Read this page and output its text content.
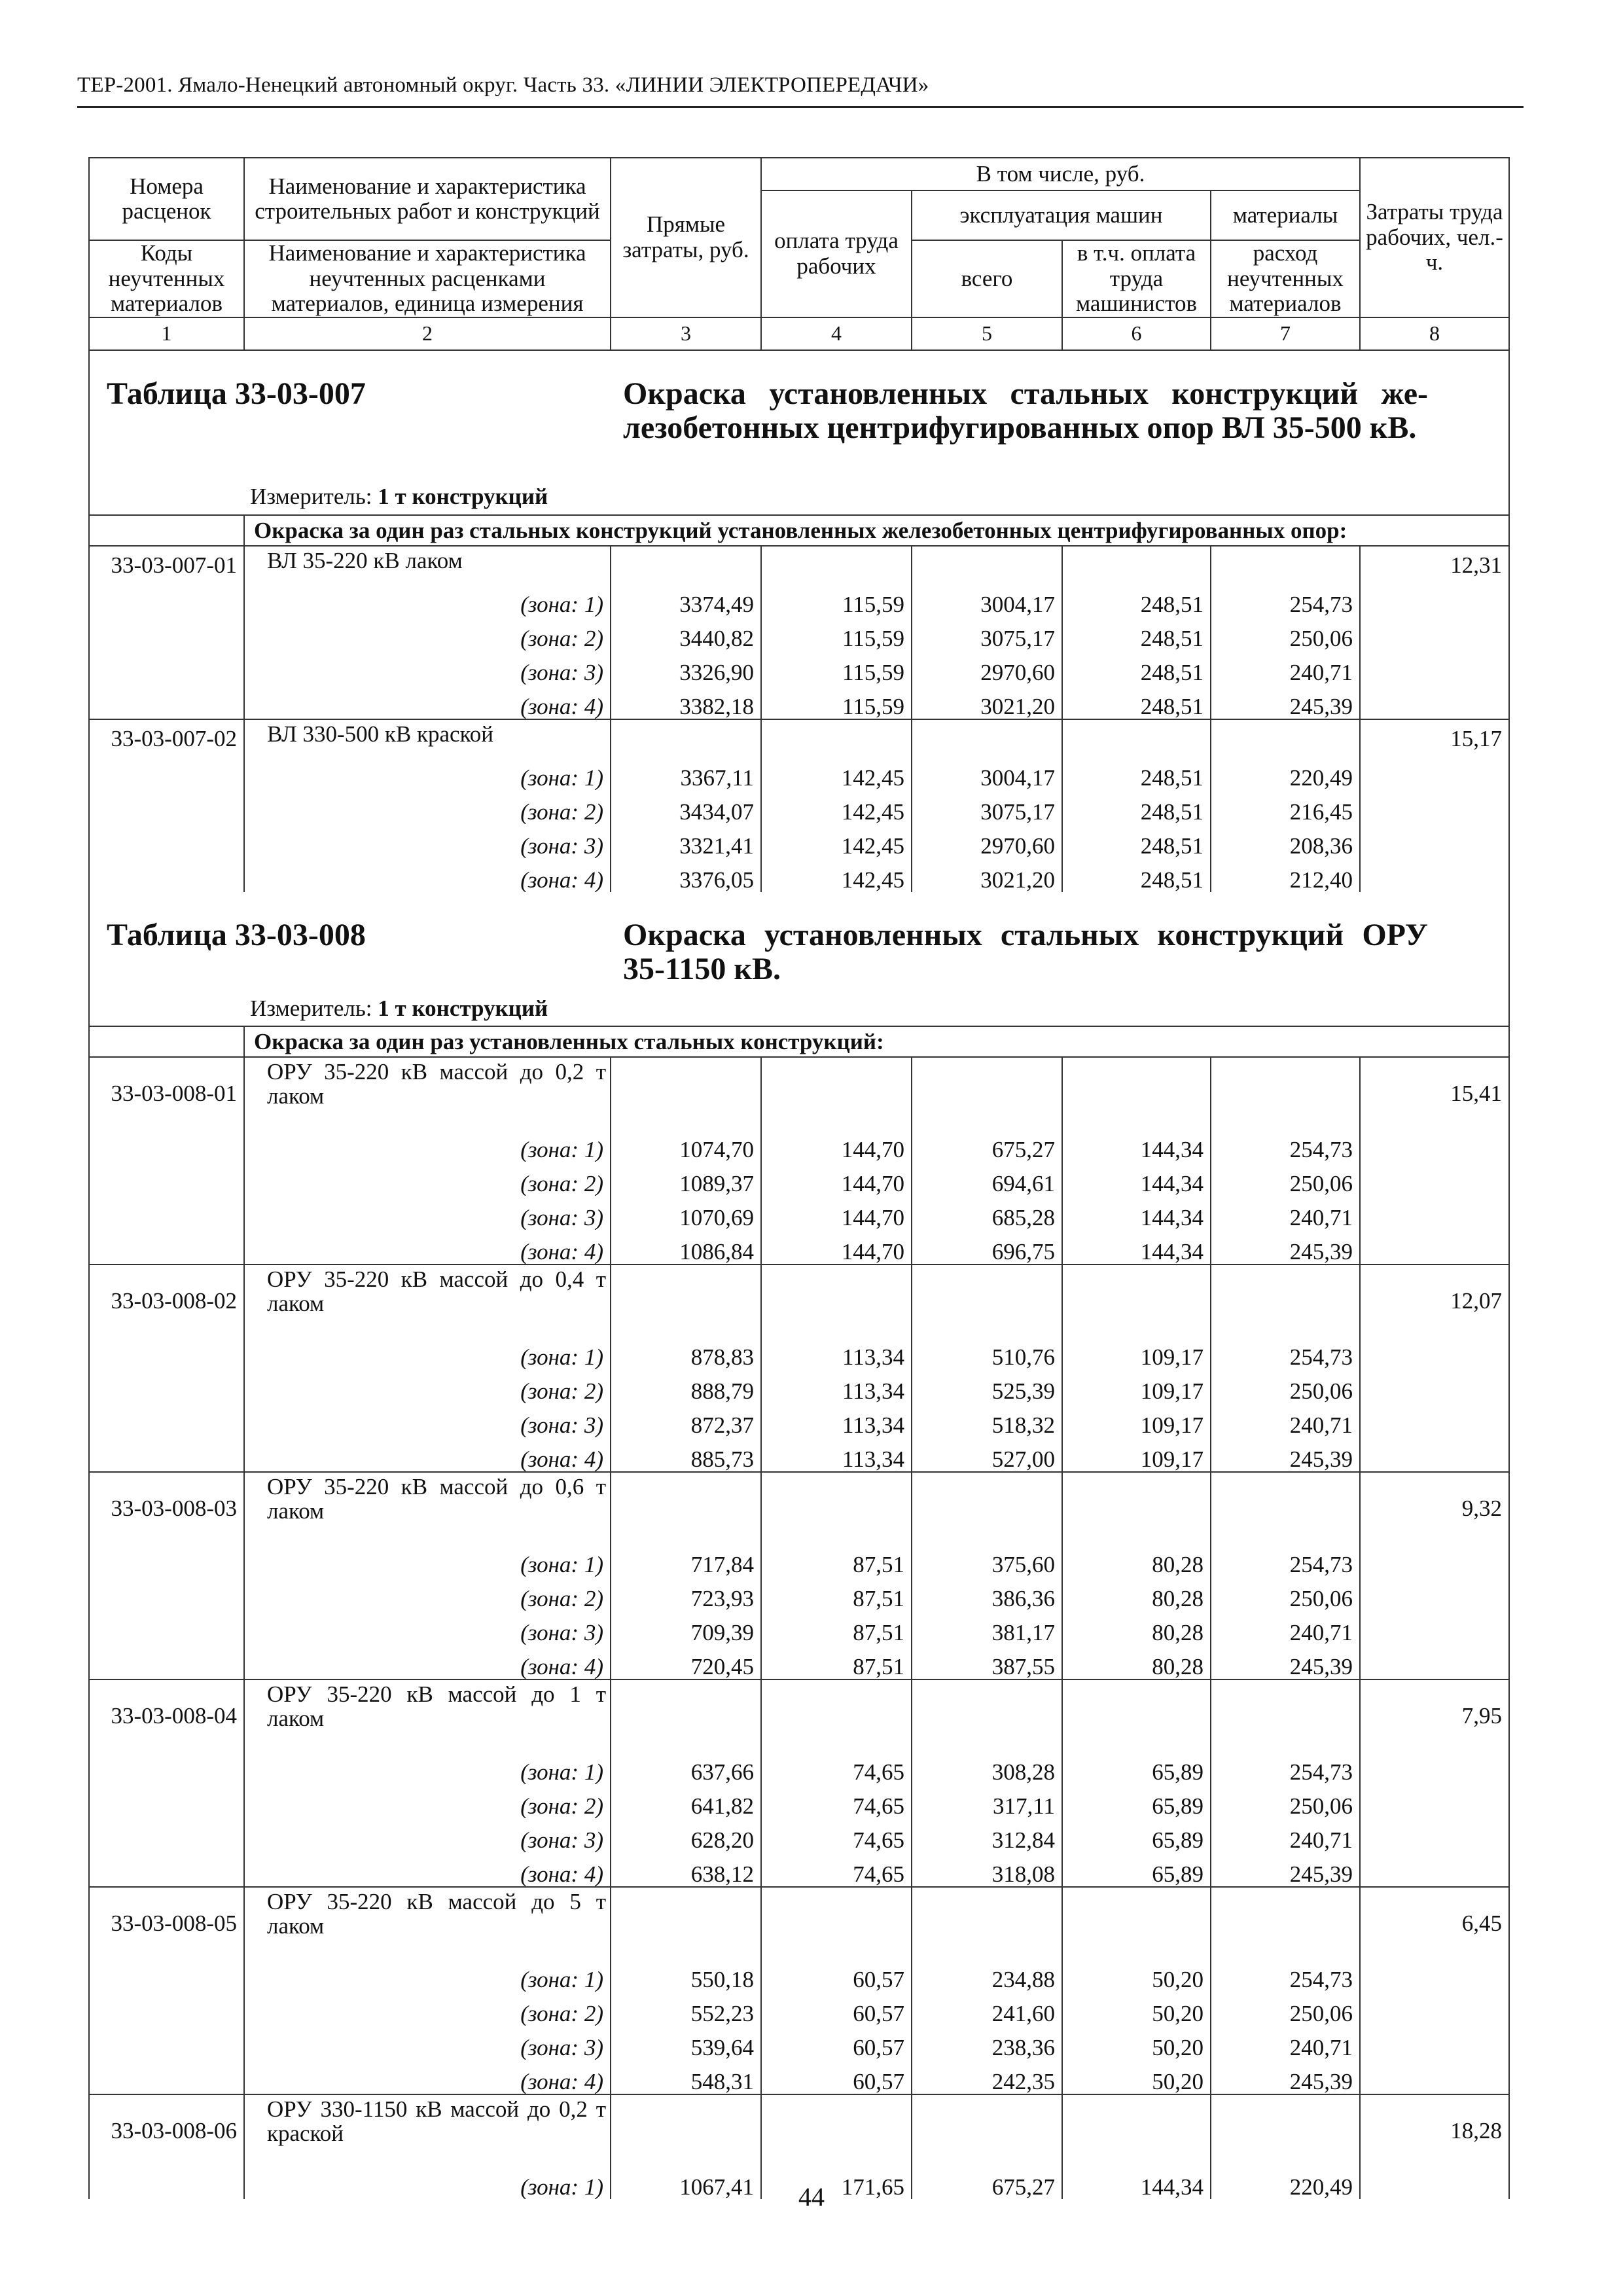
ТЕР-2001. Ямало-Ненецкий автономный округ. Часть 33. «ЛИНИИ ЭЛЕКТРОПЕРЕДАЧИ»
Номера расценок	Наименование и характеристика строительных работ и конструкций	Прямые затраты, руб.	В том числе, руб.				Затраты труда рабочих, чел.-ч.
			оплата труда рабочих	эксплуатация машин		материалы	
Коды неучтенных материалов	Наименование и характеристика неучтенных расценками материалов, единица измерения			всего	в т.ч. оплата труда машинистов	расход неучтенных материалов	
1	2	3	4	5	6	7	8

Таблица 33-03-007 Окраска установленных стальных конструкций же-лезобетонных центрифугированных опор ВЛ 35-500 кВ.
Измеритель: 1 т конструкций							

	Окраска за один раз стальных конструкций установленных железобетонных центрифугированных опор:						
33-03-007-01	ВЛ 35-220 кВ лаком						12,31
	(зона: 1)	3374,49	115,59	3004,17	248,51	254,73	
	(зона: 2)	3440,82	115,59	3075,17	248,51	250,06	
	(зона: 3)	3326,90	115,59	2970,60	248,51	240,71	
	(зона: 4)	3382,18	115,59	3021,20	248,51	245,39	
33-03-007-02	ВЛ 330-500 кВ краской						15,17
	(зона: 1)	3367,11	142,45	3004,17	248,51	220,49	
	(зона: 2)	3434,07	142,45	3075,17	248,51	216,45	
	(зона: 3)	3321,41	142,45	2970,60	248,51	208,36	
	(зона: 4)	3376,05	142,45	3021,20	248,51	212,40	

Таблица 33-03-008 Окраска установленных стальных конструкций ОРУ 35-1150 кВ.
Измеритель: 1 т конструкций							

	Окраска за один раз установленных стальных конструкций:						
33-03-008-01	ОРУ 35-220 кВ массой до 0,2 т лаком						15,41
	(зона: 1)	1074,70	144,70	675,27	144,34	254,73	
	(зона: 2)	1089,37	144,70	694,61	144,34	250,06	
	(зона: 3)	1070,69	144,70	685,28	144,34	240,71	
	(зона: 4)	1086,84	144,70	696,75	144,34	245,39	
33-03-008-02	ОРУ 35-220 кВ массой до 0,4 т лаком						12,07
	(зона: 1)	878,83	113,34	510,76	109,17	254,73	
	(зона: 2)	888,79	113,34	525,39	109,17	250,06	
	(зона: 3)	872,37	113,34	518,32	109,17	240,71	
	(зона: 4)	885,73	113,34	527,00	109,17	245,39	
33-03-008-03	ОРУ 35-220 кВ массой до 0,6 т лаком						9,32
	(зона: 1)	717,84	87,51	375,60	80,28	254,73	
	(зона: 2)	723,93	87,51	386,36	80,28	250,06	
	(зона: 3)	709,39	87,51	381,17	80,28	240,71	
	(зона: 4)	720,45	87,51	387,55	80,28	245,39	
33-03-008-04	ОРУ 35-220 кВ массой до 1 т лаком						7,95
	(зона: 1)	637,66	74,65	308,28	65,89	254,73	
	(зона: 2)	641,82	74,65	317,11	65,89	250,06	
	(зона: 3)	628,20	74,65	312,84	65,89	240,71	
	(зона: 4)	638,12	74,65	318,08	65,89	245,39	
33-03-008-05	ОРУ 35-220 кВ массой до 5 т лаком						6,45
	(зона: 1)	550,18	60,57	234,88	50,20	254,73	
	(зона: 2)	552,23	60,57	241,60	50,20	250,06	
	(зона: 3)	539,64	60,57	238,36	50,20	240,71	
	(зона: 4)	548,31	60,57	242,35	50,20	245,39	
33-03-008-06	ОРУ 330-1150 кВ массой до 0,2 т краской						18,28
	(зона: 1)	1067,41	171,65	675,27	144,34	220,49	
44
